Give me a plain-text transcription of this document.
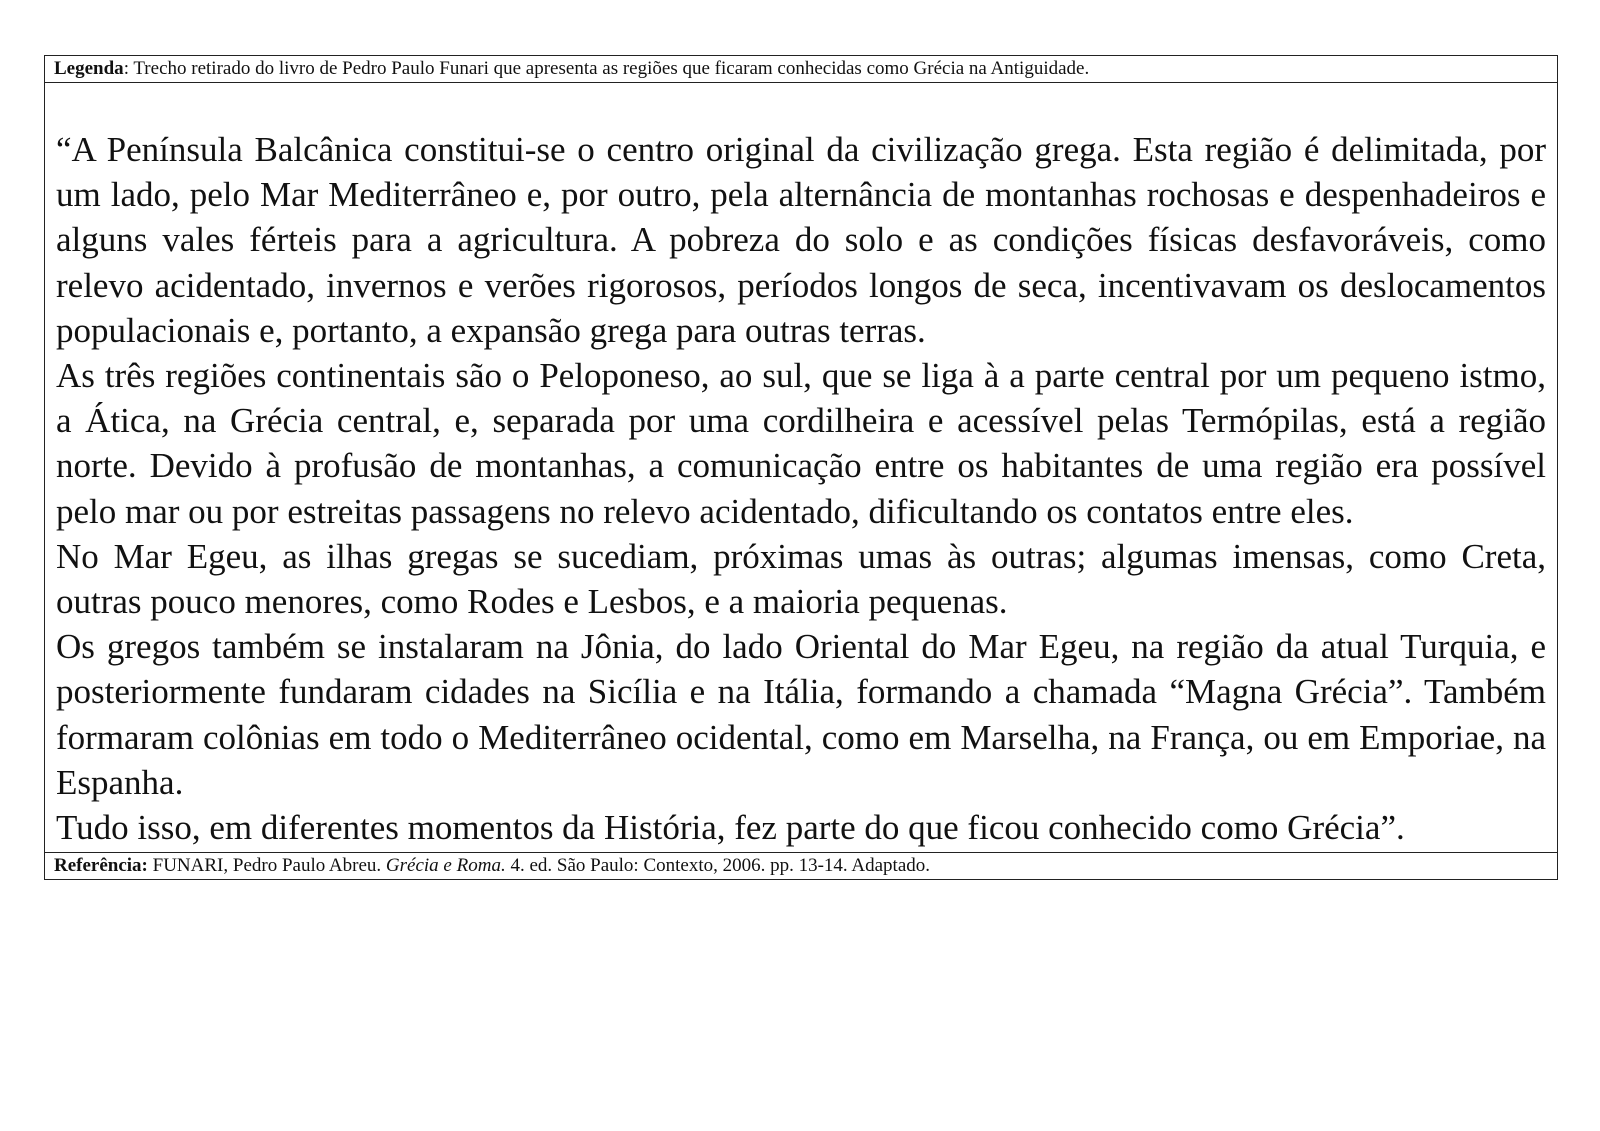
Legenda: Trecho retirado do livro de Pedro Paulo Funari que apresenta as regiões que ficaram conhecidas como Grécia na Antiguidade.

“A Península Balcânica constitui-se o centro original da civilização grega. Esta região é delimitada, por um lado, pelo Mar Mediterrâneo e, por outro, pela alternância de montanhas rochosas e despenhadeiros e alguns vales férteis para a agricultura. A pobreza do solo e as condições físicas desfavoráveis, como relevo acidentado, invernos e verões rigorosos, períodos longos de seca, incentivavam os deslocamentos populacionais e, portanto, a expansão grega para outras terras.

As três regiões continentais são o Peloponeso, ao sul, que se liga à a parte central por um pequeno istmo, a Ática, na Grécia central, e, separada por uma cordilheira e acessível pelas Termópilas, está a região norte. Devido à profusão de montanhas, a comunicação entre os habitantes de uma região era possível pelo mar ou por estreitas passagens no relevo acidentado, dificultando os contatos entre eles.

No Mar Egeu, as ilhas gregas se sucediam, próximas umas às outras; algumas imensas, como Creta, outras pouco menores, como Rodes e Lesbos, e a maioria pequenas.

Os gregos também se instalaram na Jônia, do lado Oriental do Mar Egeu, na região da atual Turquia, e posteriormente fundaram cidades na Sicília e na Itália, formando a chamada “Magna Grécia”. Também formaram colônias em todo o Mediterrâneo ocidental, como em Marselha, na França, ou em Emporiae, na Espanha.

Tudo isso, em diferentes momentos da História, fez parte do que ficou conhecido como Grécia”.

Referência: FUNARI, Pedro Paulo Abreu. Grécia e Roma. 4. ed. São Paulo: Contexto, 2006. pp. 13-14. Adaptado.
